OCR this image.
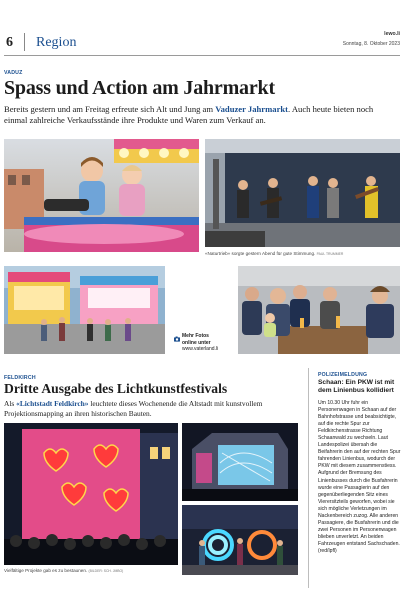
6 Region
lewo.li
Sonntag, 8. Oktober 2023
VADUZ
Spass und Action am Jahrmarkt
Bereits gestern und am Freitag erfreute sich Alt und Jung am Vaduzer Jahrmarkt. Auch heute bieten noch einmal zahlreiche Verkaufsstände ihre Produkte und Waren zum Verkauf an.
«Naturtrieb» sorgte gestern Abend für gute Stimmung. PAUL TRUMMER
Mehr Fotos
online unter
www.vaterland.li
FELDKIRCH
Dritte Ausgabe des Lichtkunstfestivals
Als «Lichtstadt Feldkirch» leuchtete dieses Wochenende die Altstadt mit kunstvollem Projektionsmapping an ihren historischen Bauten.
Vielfältige Projekte gab es zu bestaunen. (BILDER: SCH. JMBO)
POLIZEIMELDUNG
Schaan: Ein PKW ist mit dem Linienbus kollidiert
Um 10.30 Uhr fuhr ein Personenwagen in Schaan auf der Bahnhofstrasse und beabsichtigte, auf die rechte Spur zur Feldkirchenstrasse Richtung Schaanwald zu wechseln. Laut Landespolizei übersah die Beifahrerin den auf der rechten Spur fahrenden Linienbus, wodurch der PKW mit diesem zusammenstiess. Aufgrund der Bremsung des Linienbusses durch die Busfahrerin wurde eine Passagierin auf den gegenüberliegenden Sitz eines Vierersitzteils geworfen, wobei sie sich mögliche Verletzungen im Nackenbereich zuzog. Alle anderen Passagiere, die Busfahrerin und die zwei Personen im Personenwagen blieben unverletzt. An beiden Fahrzeugen entstand Sachschaden. (red/lpfl)
